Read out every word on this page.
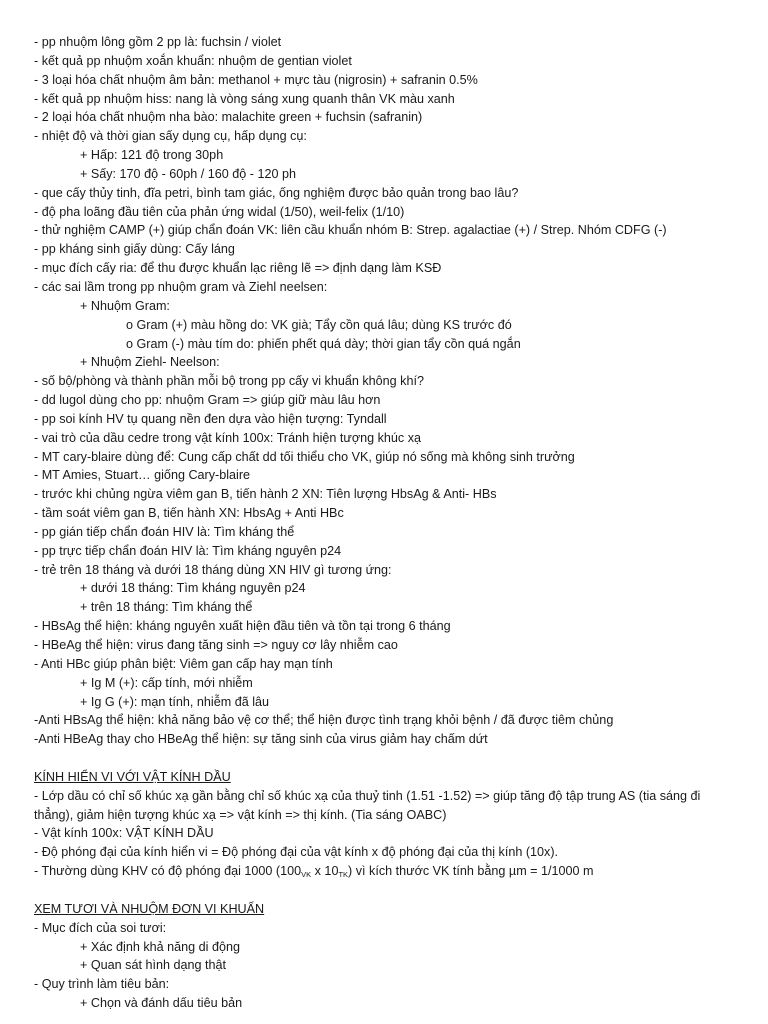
- pp nhuộm lông gồm 2 pp là: fuchsin / violet
- kết quả pp nhuộm xoắn khuẩn: nhuộm de gentian violet
- 3 loại hóa chất nhuộm âm bản: methanol + mực tàu (nigrosin) + safranin 0.5%
- kết quả pp nhuộm hiss: nang là vòng sáng xung quanh thân VK màu xanh
- 2 loại hóa chất nhuộm nha bào: malachite green + fuchsin (safranin)
- nhiệt độ và thời gian sấy dụng cụ, hấp dụng cụ:
+ Hấp: 121 độ trong 30ph
+ Sấy: 170 độ - 60ph / 160 độ - 120 ph
- que cấy thủy tinh, đĩa petri, bình tam giác, ống nghiệm được bảo quản trong bao lâu?
- độ pha loãng đầu tiên của phản ứng widal (1/50), weil-felix (1/10)
- thử nghiệm CAMP (+) giúp chẩn đoán VK: liên cầu khuẩn nhóm B: Strep. agalactiae (+) / Strep. Nhóm CDFG (-)
- pp kháng sinh giấy dùng: Cấy láng
- mục đích cấy ria: để thu được khuẩn lạc riêng lẽ => định dạng làm KSĐ
- các sai lầm trong pp nhuộm gram và Ziehl neelsen:
+ Nhuộm Gram:
o Gram (+) màu hồng do: VK già; Tẩy cồn quá lâu; dùng KS trước đó
o Gram (-) màu tím do: phiến phết quá dày; thời gian tẩy cồn quá ngắn
+ Nhuộm Ziehl- Neelson:
- số bộ/phòng và thành phần mỗi bộ trong pp cấy vi khuẩn không khí?
- dd lugol dùng cho pp: nhuộm Gram => giúp giữ màu lâu hơn
- pp soi kính HV tụ quang nền đen dựa vào hiện tượng: Tyndall
- vai trò của dầu cedre trong vật kính 100x: Tránh hiện tượng khúc xạ
- MT cary-blaire dùng để: Cung cấp chất dd tối thiểu cho VK, giúp nó sống mà không sinh trưởng
- MT Amies, Stuart… giống Cary-blaire
- trước khi chủng ngừa viêm gan B, tiến hành 2 XN: Tiên lượng HbsAg & Anti- HBs
- tầm soát viêm gan B, tiến hành XN: HbsAg + Anti HBc
- pp gián tiếp chẩn đoán HIV là: Tìm kháng thể
- pp trực tiếp chẩn đoán HIV là: Tìm kháng nguyên p24
- trẻ trên 18 tháng và dưới 18 tháng dùng XN HIV gì tương ứng:
+ dưới 18 tháng: Tìm kháng nguyên p24
+ trên 18 tháng: Tìm kháng thể
- HBsAg thể hiện: kháng nguyên xuất hiện đầu tiên và tồn tại trong 6 tháng
- HBeAg thể hiện: virus đang tăng sinh => nguy cơ lây nhiễm cao
- Anti HBc giúp phân biệt: Viêm gan cấp hay mạn tính
+ Ig M (+): cấp tính, mới nhiễm
+ Ig G (+): mạn tính, nhiễm đã lâu
-Anti HBsAg thể hiện: khả năng bảo vệ cơ thể; thể hiện được tình trạng khỏi bệnh / đã được tiêm chủng
-Anti HBeAg thay cho HBeAg thể hiện: sự tăng sinh của virus giảm hay chấm dứt
KÍNH HIỂN VI VỚI VẬT KÍNH DẦU
- Lớp dầu có chỉ số khúc xạ gần bằng chỉ số khúc xạ của thuỷ tinh (1.51 -1.52) => giúp tăng độ tập trung AS (tia sáng đi thẳng), giảm hiện tượng khúc xạ => vật kính => thị kính. (Tia sáng OABC)
- Vật kính 100x: VẬT KÍNH DẦU
- Độ phóng đại của kính hiển vi = Độ phóng đại của vật kính x độ phóng đại của thị kính (10x).
- Thường dùng KHV có độ phóng đại 1000 ($100_{VK}$ x $10_{TK}$) vì kích thước VK tính bằng µm = 1/1000 m
XEM TƯƠI VÀ NHUỘM ĐƠN VI KHUẨN
- Mục đích của soi tươi:
+ Xác định khả năng di động
+ Quan sát hình dạng thật
- Quy trình làm tiêu bản:
+ Chọn và đánh dấu tiêu bản
